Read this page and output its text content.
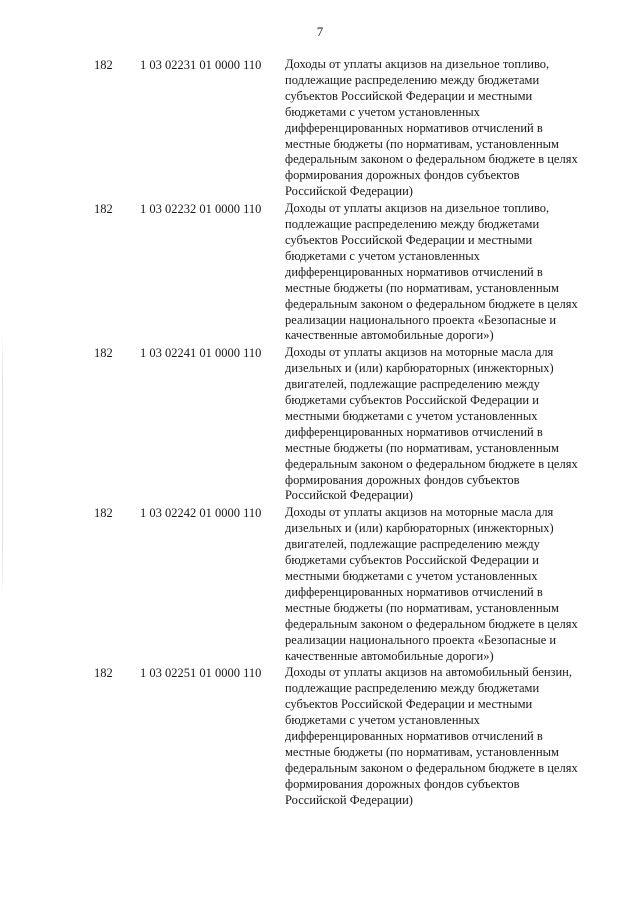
7
182 1 03 02231 01 0000 110 Доходы от уплаты акцизов на дизельное топливо,
подлежащие распределению между бюджетами
субъектов Российской Федерации и местными
бюджетами с учетом установленных
дифференцированных нормативов отчислений в
местные бюджеты (по нормативам, установленным
федеральным законом о федеральном бюджете в целях
формирования дорожных фондов субъектов
Российской Федерации)
182 1 03 02232 01 0000 110 Доходы от уплаты акцизов на дизельное топливо,
подлежащие распределению между бюджетами
субъектов Российской Федерации и местными
бюджетами с учетом установленных
дифференцированных нормативов отчислений в
местные бюджеты (по нормативам, установленным
федеральным законом о федеральном бюджете в целях
реализации национального проекта «Безопасные и
качественные автомобильные дороги»)
182 1 03 02241 01 0000 110 Доходы от уплаты акцизов на моторные масла для
дизельных и (или) карбюраторных (инжекторных)
двигателей, подлежащие распределению между
бюджетами субъектов Российской Федерации и
местными бюджетами с учетом установленных
дифференцированных нормативов отчислений в
местные бюджеты (по нормативам, установленным
федеральным законом о федеральном бюджете в целях
формирования дорожных фондов субъектов
Российской Федерации)
182 1 03 02242 01 0000 110 Доходы от уплаты акцизов на моторные масла для
дизельных и (или) карбюраторных (инжекторных)
двигателей, подлежащие распределению между
бюджетами субъектов Российской Федерации и
местными бюджетами с учетом установленных
дифференцированных нормативов отчислений в
местные бюджеты (по нормативам, установленным
федеральным законом о федеральном бюджете в целях
реализации национального проекта «Безопасные и
качественные автомобильные дороги»)
182 1 03 02251 01 0000 110 Доходы от уплаты акцизов на автомобильный бензин,
подлежащие распределению между бюджетами
субъектов Российской Федерации и местными
бюджетами с учетом установленных
дифференцированных нормативов отчислений в
местные бюджеты (по нормативам, установленным
федеральным законом о федеральном бюджете в целях
формирования дорожных фондов субъектов
Российской Федерации)
